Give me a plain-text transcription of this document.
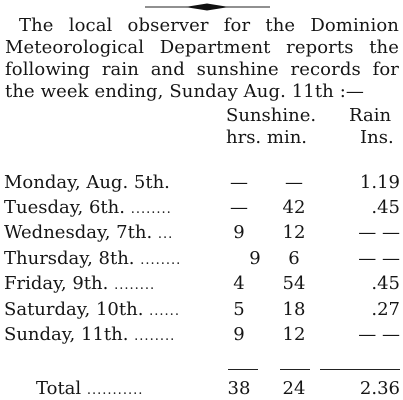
The local observer for the Dominion
Meteorological Department reports the
following rain and sunshine records for
the week ending, Sunday Aug. 11th :—
Sunshine. Rain
hrs. min.	Ins.
Monday, Aug. 5th.	—	—	1.19
Tuesday, 6th. ........	—	42	.45
Wednesday, 7th. ...	9	12	— —
Thursday, 8th. ........	9	6	— —
Friday, 9th. ........	4	54	.45
Saturday, 10th. ......	5	18	.27
Sunday, 11th. ........	9	12	— —
Total ...........	38	24	2.36
